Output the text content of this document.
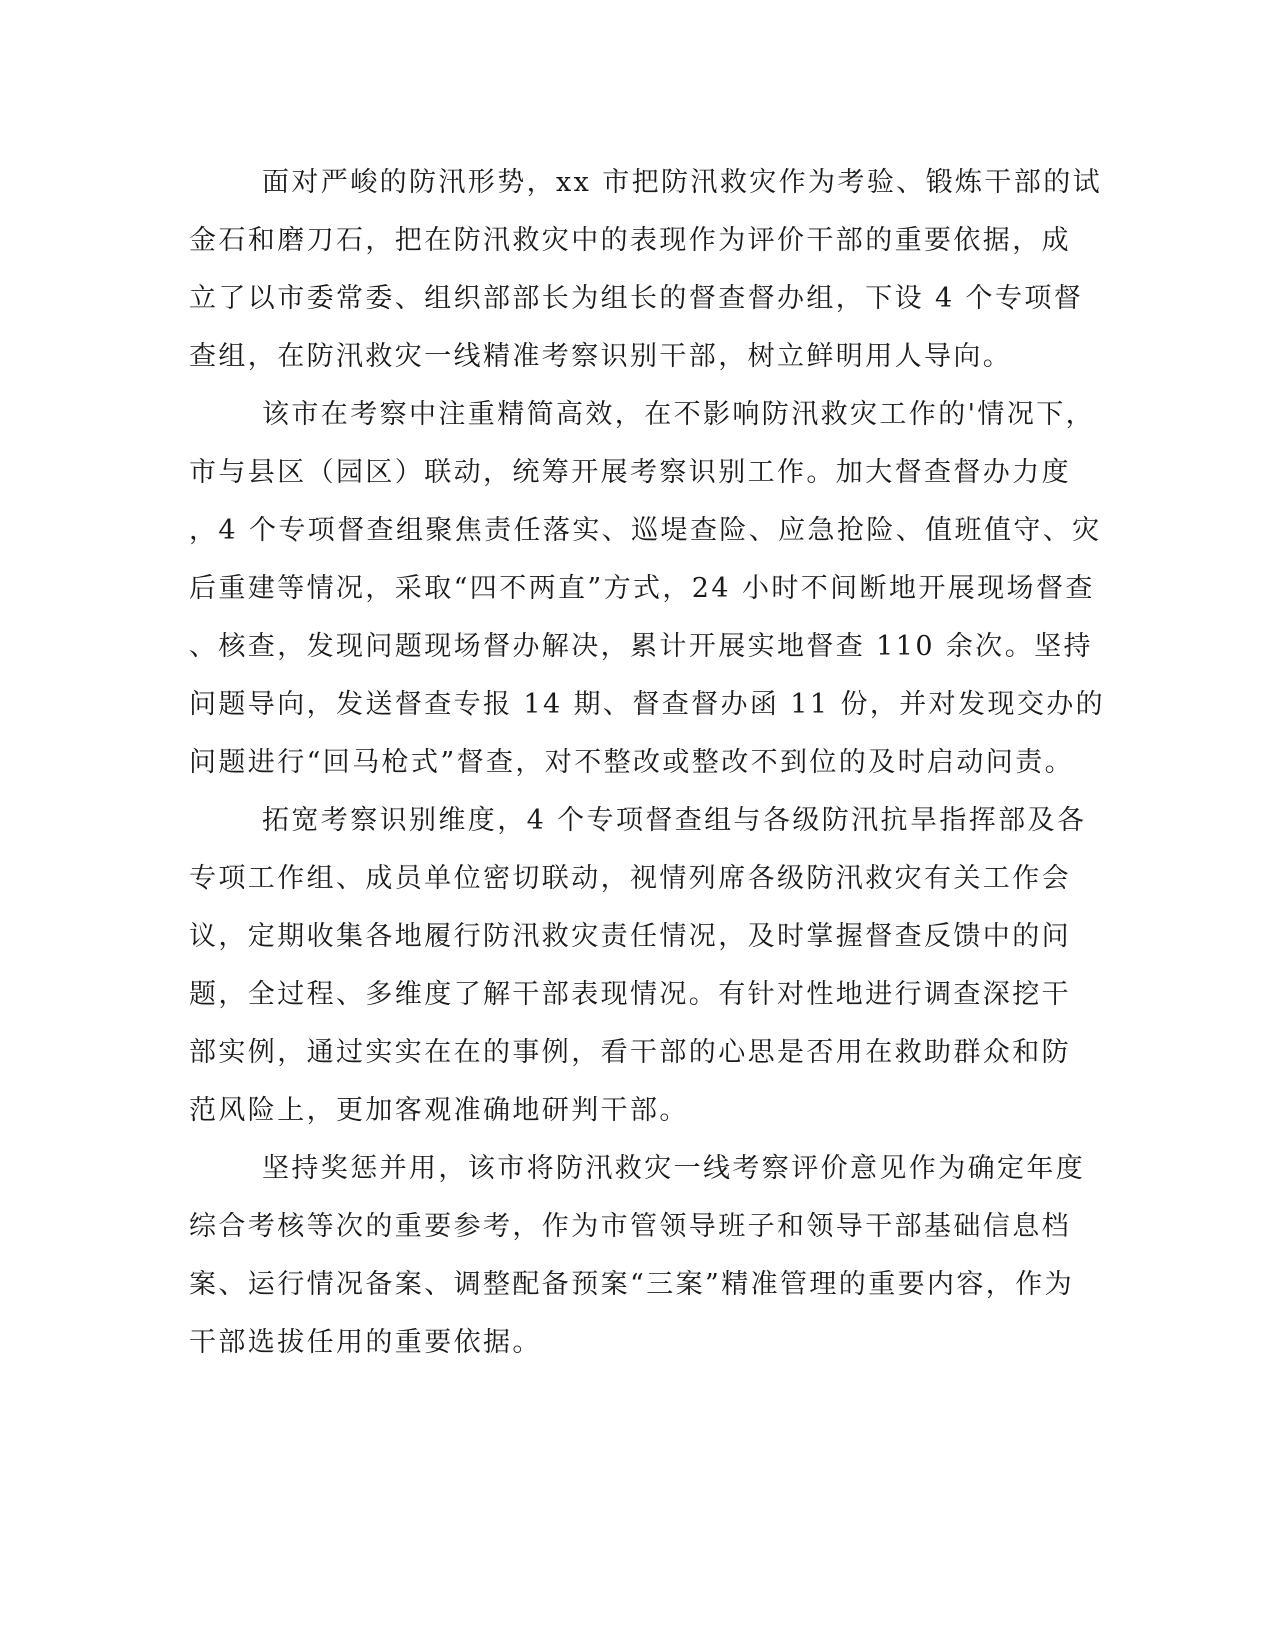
面对严峻的防汛形势，xx 市把防汛救灾作为考验、锻炼干部的试

金石和磨刀石，把在防汛救灾中的表现作为评价干部的重要依据，成

立了以市委常委、组织部部长为组长的督查督办组，下设 4 个专项督

查组，在防汛救灾一线精准考察识别干部，树立鲜明用人导向。

该市在考察中注重精简高效，在不影响防汛救灾工作的'情况下，

市与县区（园区）联动，统筹开展考察识别工作。加大督查督办力度

，4 个专项督查组聚焦责任落实、巡堤查险、应急抢险、值班值守、灾

后重建等情况，采取“四不两直”方式，24 小时不间断地开展现场督查

、核查，发现问题现场督办解决，累计开展实地督查 110 余次。坚持

问题导向，发送督查专报 14 期、督查督办函 11 份，并对发现交办的

问题进行“回马枪式”督查，对不整改或整改不到位的及时启动问责。

拓宽考察识别维度，4 个专项督查组与各级防汛抗旱指挥部及各

专项工作组、成员单位密切联动，视情列席各级防汛救灾有关工作会

议，定期收集各地履行防汛救灾责任情况，及时掌握督查反馈中的问

题，全过程、多维度了解干部表现情况。有针对性地进行调查深挖干

部实例，通过实实在在的事例，看干部的心思是否用在救助群众和防

范风险上，更加客观准确地研判干部。

坚持奖惩并用，该市将防汛救灾一线考察评价意见作为确定年度

综合考核等次的重要参考，作为市管领导班子和领导干部基础信息档

案、运行情况备案、调整配备预案“三案”精准管理的重要内容，作为

干部选拔任用的重要依据。
